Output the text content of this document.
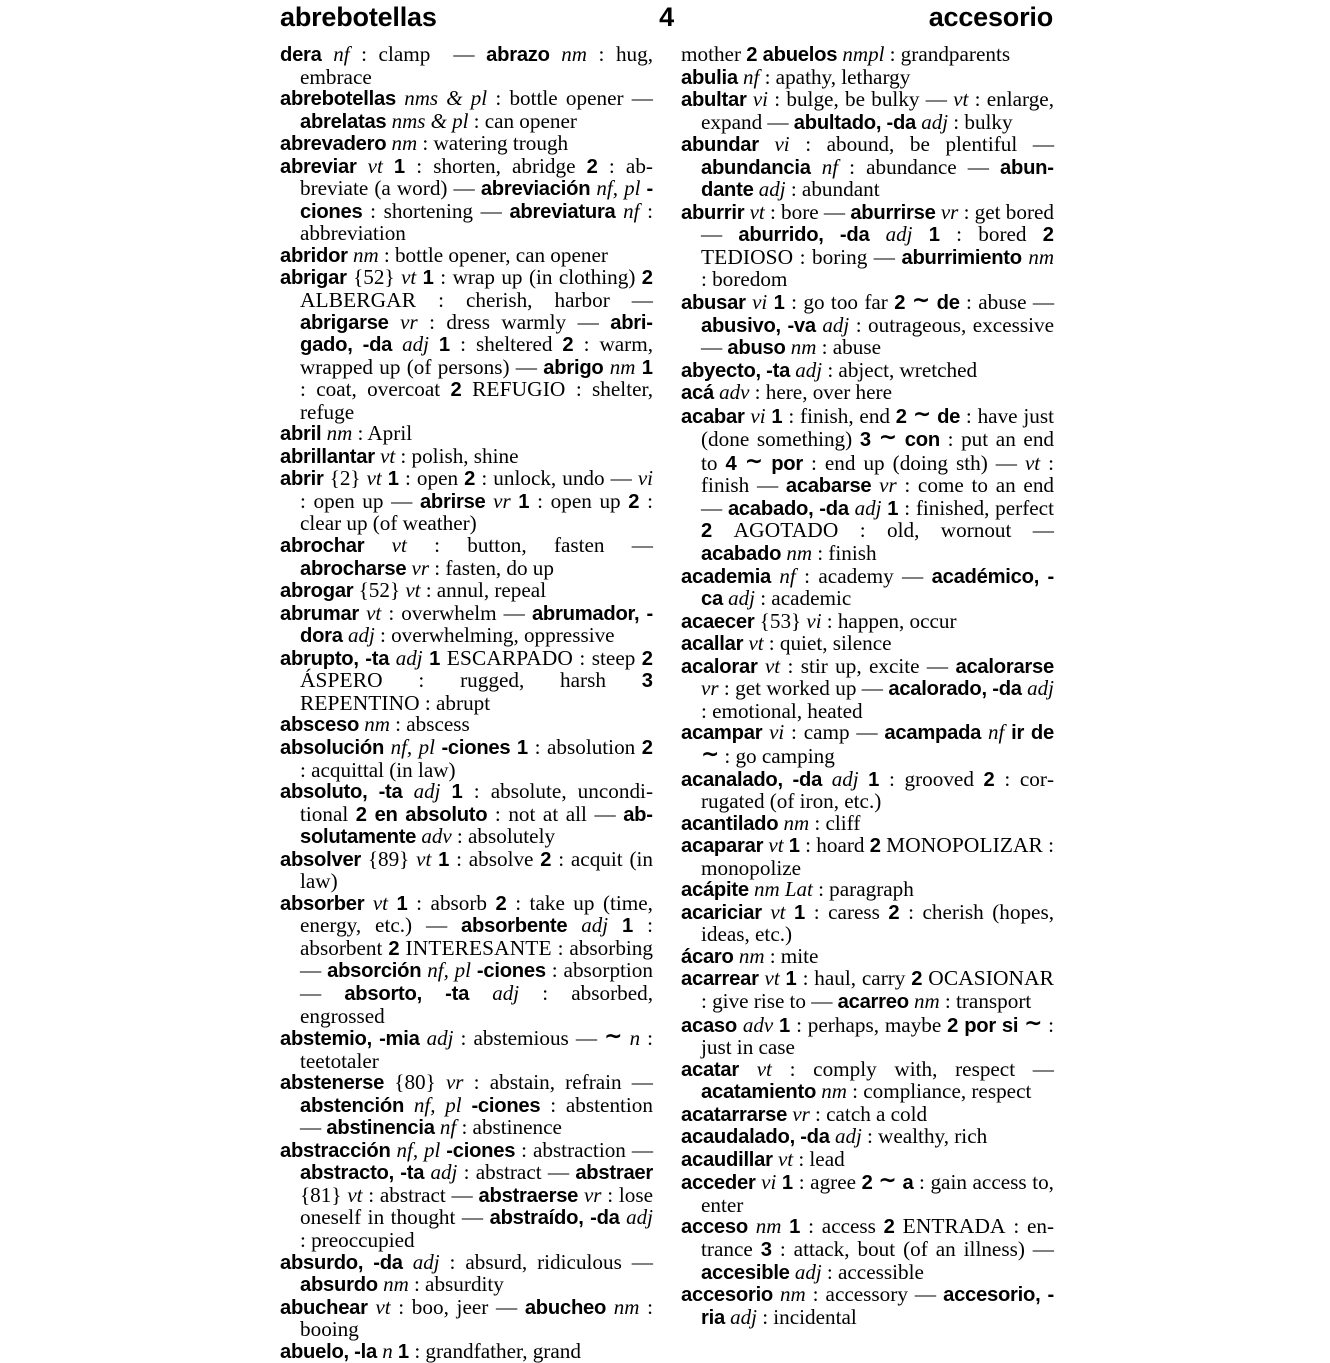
abrebotellas	4	accesorio

dera nf : clamp  — abrazo nm : hug, embrace

abrebotellas nms & pl : bottle opener — abrelatas nms & pl : can opener

abrevadero nm : watering trough

abreviar vt 1 : shorten, abridge 2 : abbreviate (a word) — abreviación nf, pl -ciones : shortening — abreviatura nf : abbreviation

abridor nm : bottle opener, can opener

abrigar {52} vt 1 : wrap up (in clothing) 2 ALBERGAR : cherish, harbor — abrigarse vr : dress warmly — abrigado, -da adj 1 : sheltered 2 : warm, wrapped up (of persons) — abrigo nm 1 : coat, overcoat 2 REFUGIO : shelter, refuge

abril nm : April

abrillantar vt : polish, shine

abrir {2} vt 1 : open 2 : unlock, undo — vi : open up — abrirse vr 1 : open up 2 : clear up (of weather)

abrochar vt : button, fasten — abrocharse vr : fasten, do up

abrogar {52} vt : annul, repeal

abrumar vt : overwhelm — abrumador, -dora adj : overwhelming, oppressive

abrupto, -ta adj 1 ESCARPADO : steep 2 ÁSPERO : rugged, harsh 3 REPENTINO : abrupt

absceso nm : abscess

absolución nf, pl -ciones 1 : absolution 2 : acquittal (in law)

absoluto, -ta adj 1 : absolute, unconditional 2 en absoluto : not at all — absolutamente adv : absolutely

absolver {89} vt 1 : absolve 2 : acquit (in law)

absorber vt 1 : absorb 2 : take up (time, energy, etc.) — absorbente adj 1 : absorbent 2 INTERESANTE : absorbing — absorción nf, pl -ciones : absorption — absorto, -ta adj : absorbed, engrossed

abstemio, -mia adj : abstemious — ∼ n : teetotaler

abstenerse {80} vr : abstain, refrain — abstención nf, pl -ciones : abstention — abstinencia nf : abstinence

abstracción nf, pl -ciones : abstraction — abstracto, -ta adj : abstract — abstraer {81} vt : abstract — abstraerse vr : lose oneself in thought — abstraído, -da adj : preoccupied

absurdo, -da adj : absurd, ridiculous — absurdo nm : absurdity

abuchear vt : boo, jeer — abucheo nm : booing

abuelo, -la n 1 : grandfather, grand

mother 2 abuelos nmpl : grandparents

abulia nf : apathy, lethargy

abultar vi : bulge, be bulky — vt : enlarge, expand — abultado, -da adj : bulky

abundar vi : abound, be plentiful — abundancia nf : abundance — abundante adj : abundant

aburrir vt : bore — aburrirse vr : get bored — aburrido, -da adj 1 : bored 2 TEDIOSO : boring — aburrimiento nm : boredom

abusar vi 1 : go too far 2 ∼ de : abuse — abusivo, -va adj : outrageous, excessive — abuso nm : abuse

abyecto, -ta adj : abject, wretched

acá adv : here, over here

acabar vi 1 : finish, end 2 ∼ de : have just (done something) 3 ∼ con : put an end to 4 ∼ por : end up (doing sth) — vt : finish — acabarse vr : come to an end — acabado, -da adj 1 : finished, perfect 2 AGOTADO : old, wornout — acabado nm : finish

academia nf : academy — académico, -ca adj : academic

acaecer {53} vi : happen, occur

acallar vt : quiet, silence

acalorar vt : stir up, excite — acalorarse vr : get worked up — acalorado, -da adj : emotional, heated

acampar vi : camp — acampada nf ir de ∼ : go camping

acanalado, -da adj 1 : grooved 2 : corrugated (of iron, etc.)

acantilado nm : cliff

acaparar vt 1 : hoard 2 MONOPOLIZAR : monopolize

acápite nm Lat : paragraph

acariciar vt 1 : caress 2 : cherish (hopes, ideas, etc.)

ácaro nm : mite

acarrear vt 1 : haul, carry 2 OCASIONAR : give rise to — acarreo nm : transport

acaso adv 1 : perhaps, maybe 2 por si ∼ : just in case

acatar vt : comply with, respect — acatamiento nm : compliance, respect

acatarrarse vr : catch a cold

acaudalado, -da adj : wealthy, rich

acaudillar vt : lead

acceder vi 1 : agree 2 ∼ a : gain access to, enter

acceso nm 1 : access 2 ENTRADA : entrance 3 : attack, bout (of an illness) — accesible adj : accessible

accesorio nm : accessory — accesorio, -ria adj : incidental
